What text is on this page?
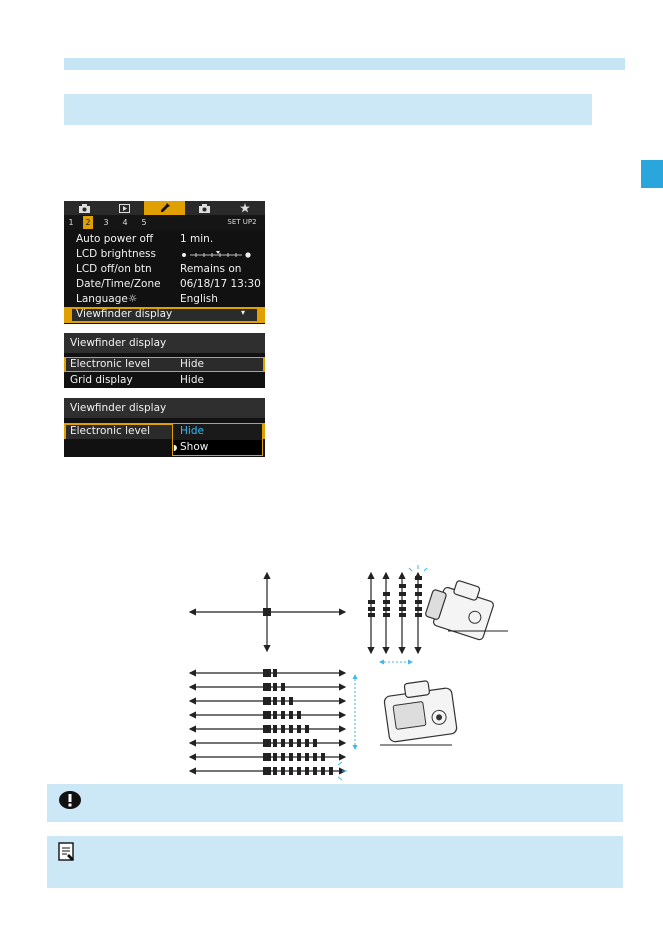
1	2	3	4	5	SET UP2
Auto power off	1 min.
LCD brightness
LCD off/on btn	Remains on
Date/Time/Zone 06/18/17 13:30
Language☼	English
Viewfinder display	▾
Viewfinder display
Electronic level	Hide
Grid display	Hide
Viewfinder display
Electronic level	Hide
◗ Show
